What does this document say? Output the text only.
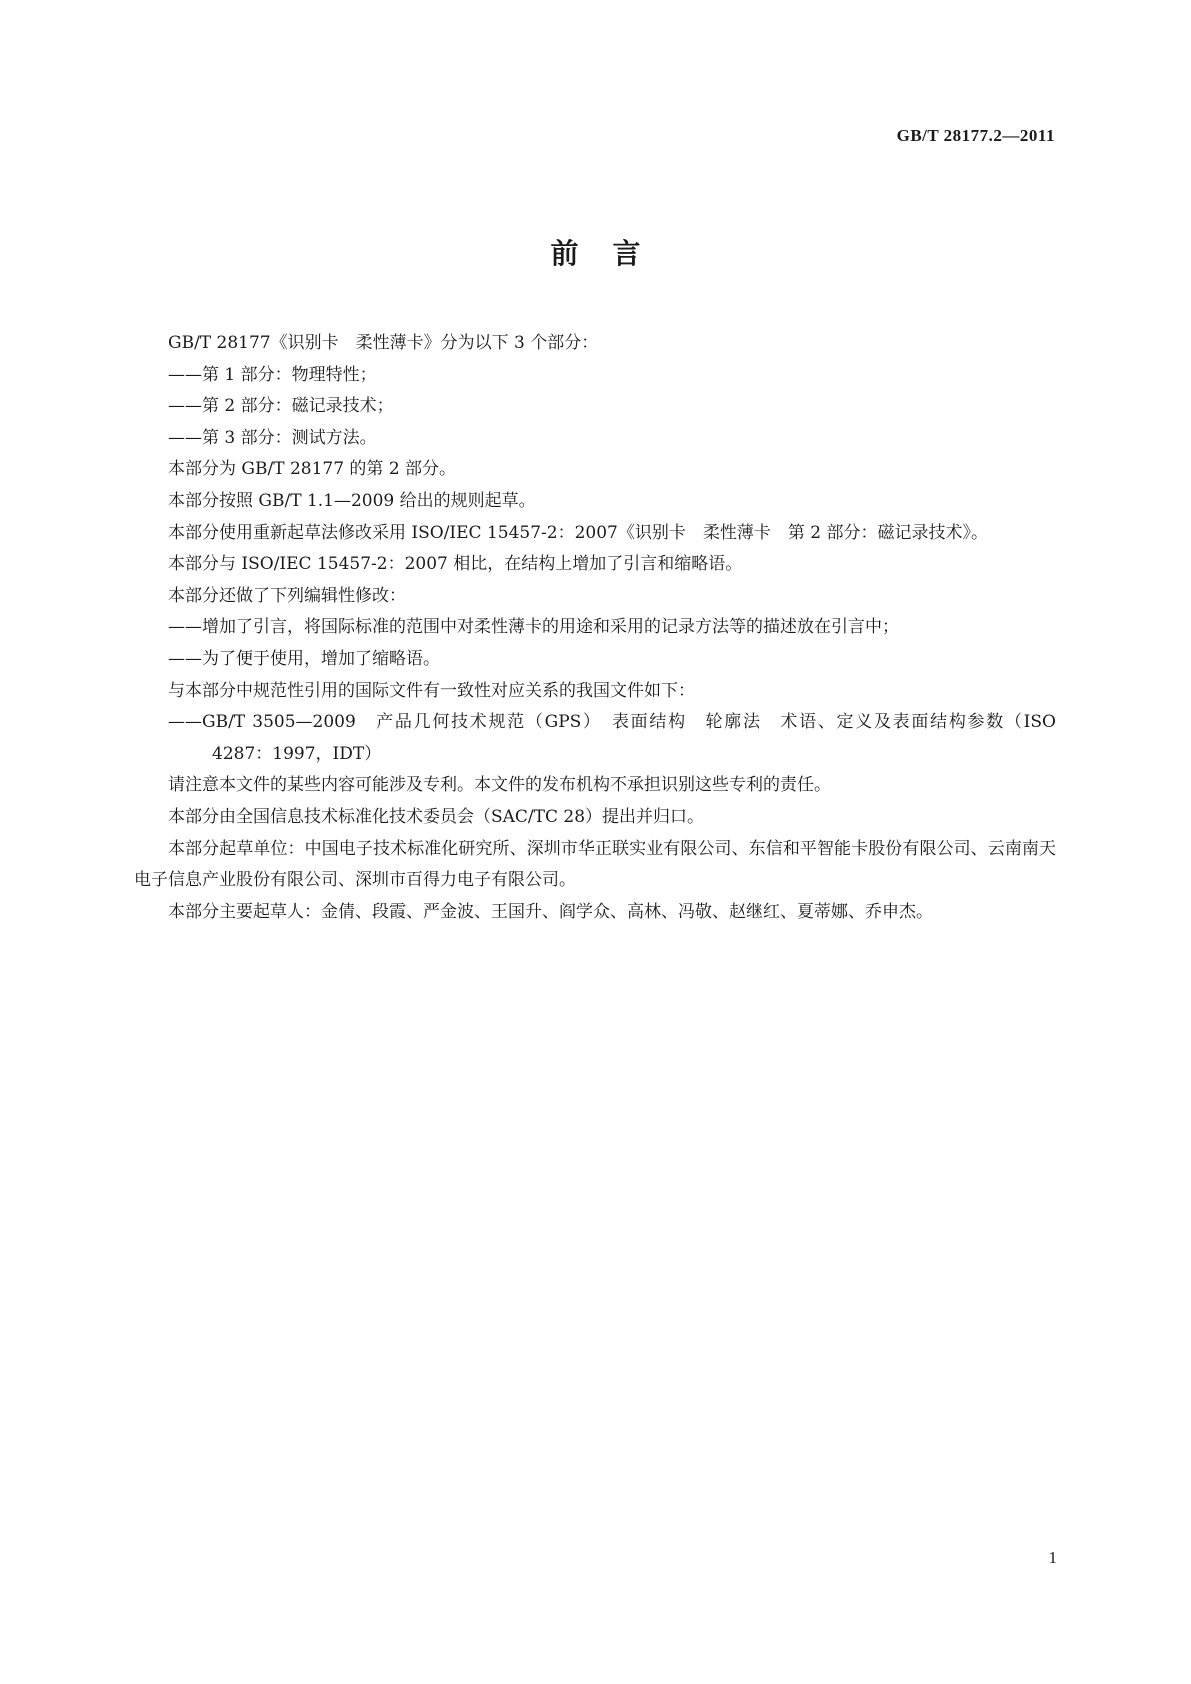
GB/T 28177.2—2011
前言

GB/T 28177《识别卡　柔性薄卡》分为以下 3 个部分：

——第 1 部分：物理特性；

——第 2 部分：磁记录技术；

——第 3 部分：测试方法。

本部分为 GB/T 28177 的第 2 部分。

本部分按照 GB/T 1.1—2009 给出的规则起草。

本部分使用重新起草法修改采用 ISO/IEC 15457-2：2007《识别卡　柔性薄卡　第 2 部分：磁记录技术》。

本部分与 ISO/IEC 15457-2：2007 相比，在结构上增加了引言和缩略语。

本部分还做了下列编辑性修改：

——增加了引言，将国际标准的范围中对柔性薄卡的用途和采用的记录方法等的描述放在引言中；

——为了便于使用，增加了缩略语。

与本部分中规范性引用的国际文件有一致性对应关系的我国文件如下：

——GB/T 3505—2009　产品几何技术规范（GPS）　表面结构　轮廓法　术语、定义及表面结构参数（ISO 4287：1997，IDT）

请注意本文件的某些内容可能涉及专利。本文件的发布机构不承担识别这些专利的责任。

本部分由全国信息技术标准化技术委员会（SAC/TC 28）提出并归口。

本部分起草单位：中国电子技术标准化研究所、深圳市华正联实业有限公司、东信和平智能卡股份有限公司、云南南天电子信息产业股份有限公司、深圳市百得力电子有限公司。

本部分主要起草人：金倩、段霞、严金波、王国升、阎学众、高林、冯敬、赵继红、夏蒂娜、乔申杰。

1
